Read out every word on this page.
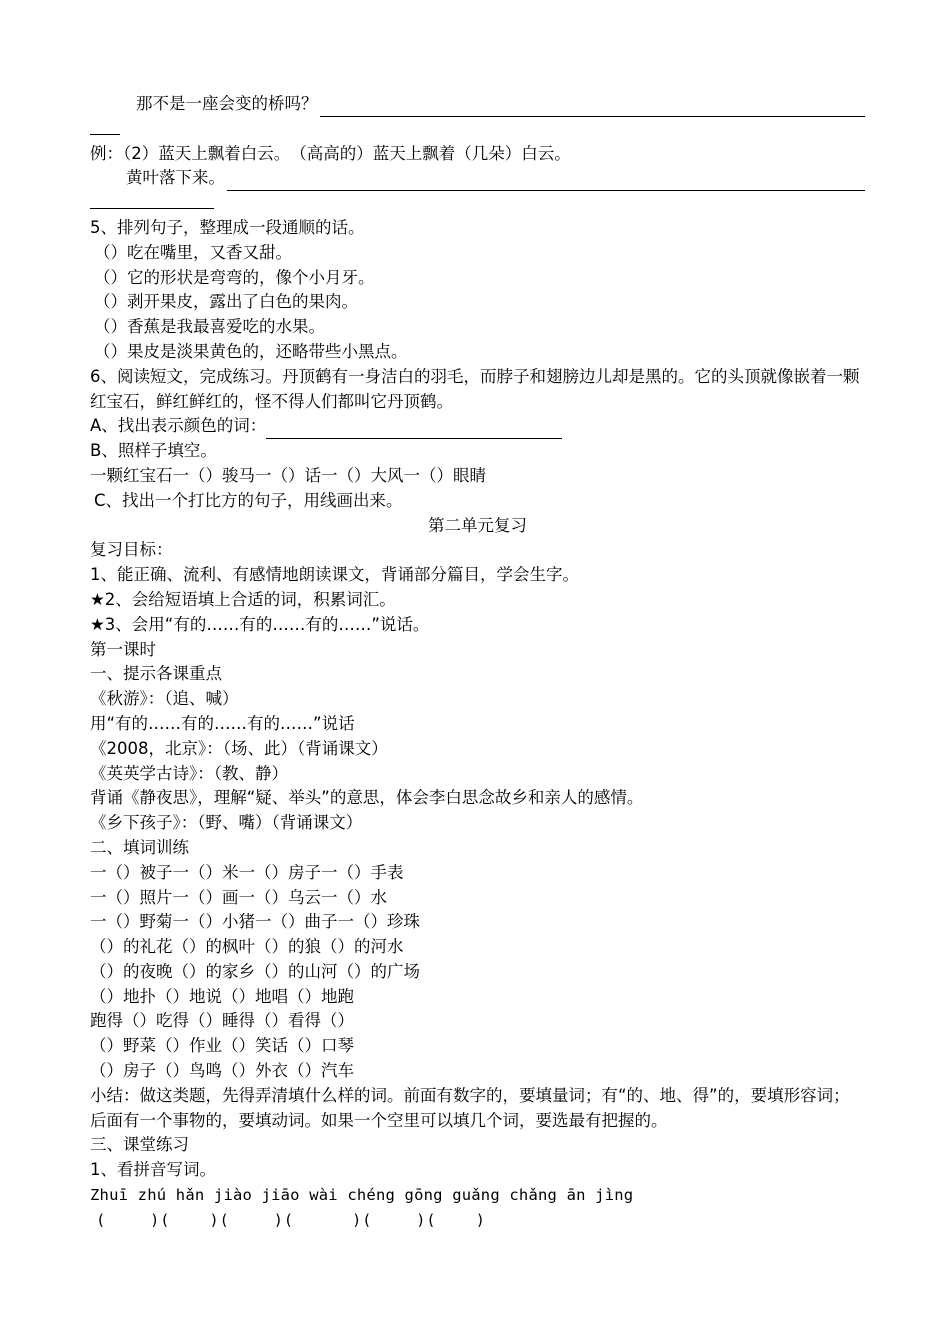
那不是一座会变的桥吗？
例：（2）蓝天上飘着白云。　（高高的）蓝天上飘着（几朵）白云。
黄叶落下来。
5、排列句子，整理成一段通顺的话。
（）吃在嘴里，又香又甜。
（）它的形状是弯弯的，像个小月牙。
（）剥开果皮，露出了白色的果肉。
（）香蕉是我最喜爱吃的水果。
（）果皮是淡果黄色的，还略带些小黑点。
6、阅读短文，完成练习。丹顶鹤有一身洁白的羽毛，而脖子和翅膀边儿却是黑的。它的头顶就像嵌着一颗红宝石，鲜红鲜红的，怪不得人们都叫它丹顶鹤。
A、找出表示颜色的词：
B、照样子填空。
一颗红宝石一（）骏马一（）话一（）大风一（）眼睛
C、找出一个打比方的句子，用线画出来。
第二单元复习
复习目标：
1、能正确、流利、有感情地朗读课文，背诵部分篇目，学会生字。
★2、会给短语填上合适的词，积累词汇。
★3、会用“有的……有的……有的……”说话。
第一课时
一、提示各课重点
《秋游》：（追、喊）
用“有的……有的……有的……”说话
《2008，北京》：（场、此）（背诵课文）
《英英学古诗》：（教、静）
背诵《静夜思》，理解“疑、举头”的意思，体会李白思念故乡和亲人的感情。
《乡下孩子》：（野、嘴）（背诵课文）
二、填词训练
一（）被子一（）米一（）房子一（）手表
一（）照片一（）画一（）乌云一（）水
一（）野菊一（）小猪一（）曲子一（）珍珠
（）的礼花（）的枫叶（）的狼（）的河水
（）的夜晚（）的家乡（）的山河（）的广场
（）地扑（）地说（）地唱（）地跑
跑得（）吃得（）睡得（）看得（）
（）野菜（）作业（）笑话（）口琴
（）房子（）鸟鸣（）外衣（）汽车
小结：做这类题，先得弄清填什么样的词。前面有数字的，要填量词；有“的、地、得”的，要填形容词；后面有一个事物的，要填动词。如果一个空里可以填几个词，要选最有把握的。
三、课堂练习
1、看拼音写词。
Zhuī zhú hǎn jiào jiāo wài chéng gōng guǎng chǎng ān jìng
(          ) (         ) (          ) (             ) (          ) (         )
